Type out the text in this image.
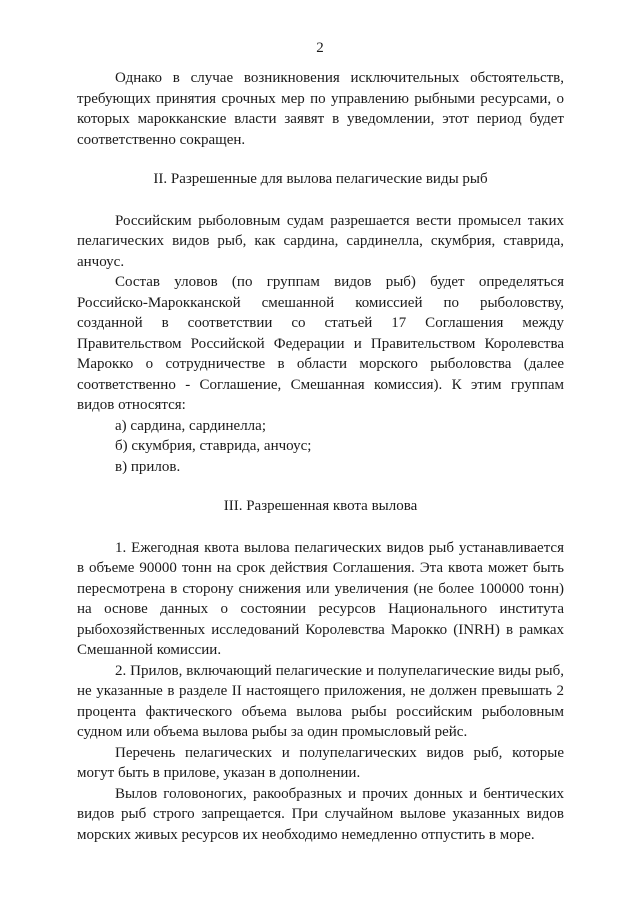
2

Однако в случае возникновения исключительных обстоятельств, требующих принятия срочных мер по управлению рыбными ресурсами, о которых марокканские власти заявят в уведомлении, этот период будет соответственно сокращен.

II. Разрешенные для вылова пелагические виды рыб

Российским рыболовным судам разрешается вести промысел таких пелагических видов рыб, как сардина, сардинелла, скумбрия, ставрида, анчоус.

Состав уловов (по группам видов рыб) будет определяться Российско-Марокканской смешанной комиссией по рыболовству, созданной в соответствии со статьей 17 Соглашения между Правительством Российской Федерации и Правительством Королевства Марокко о сотрудничестве в области морского рыболовства (далее соответственно - Соглашение, Смешанная комиссия). К этим группам видов относятся:

а) сардина, сардинелла;

б) скумбрия, ставрида, анчоус;

в) прилов.

III. Разрешенная квота вылова

1. Ежегодная квота вылова пелагических видов рыб устанавливается в объеме 90000 тонн на срок действия Соглашения. Эта квота может быть пересмотрена в сторону снижения или увеличения (не более 100000 тонн) на основе данных о состоянии ресурсов Национального института рыбохозяйственных исследований Королевства Марокко (INRH) в рамках Смешанной комиссии.

2. Прилов, включающий пелагические и полупелагические виды рыб, не указанные в разделе II настоящего приложения, не должен превышать 2 процента фактического объема вылова рыбы российским рыболовным судном или объема вылова рыбы за один промысловый рейс.

Перечень пелагических и полупелагических видов рыб, которые могут быть в прилове, указан в дополнении.

Вылов головоногих, ракообразных и прочих донных и бентических видов рыб строго запрещается. При случайном вылове указанных видов морских живых ресурсов их необходимо немедленно отпустить в море.
